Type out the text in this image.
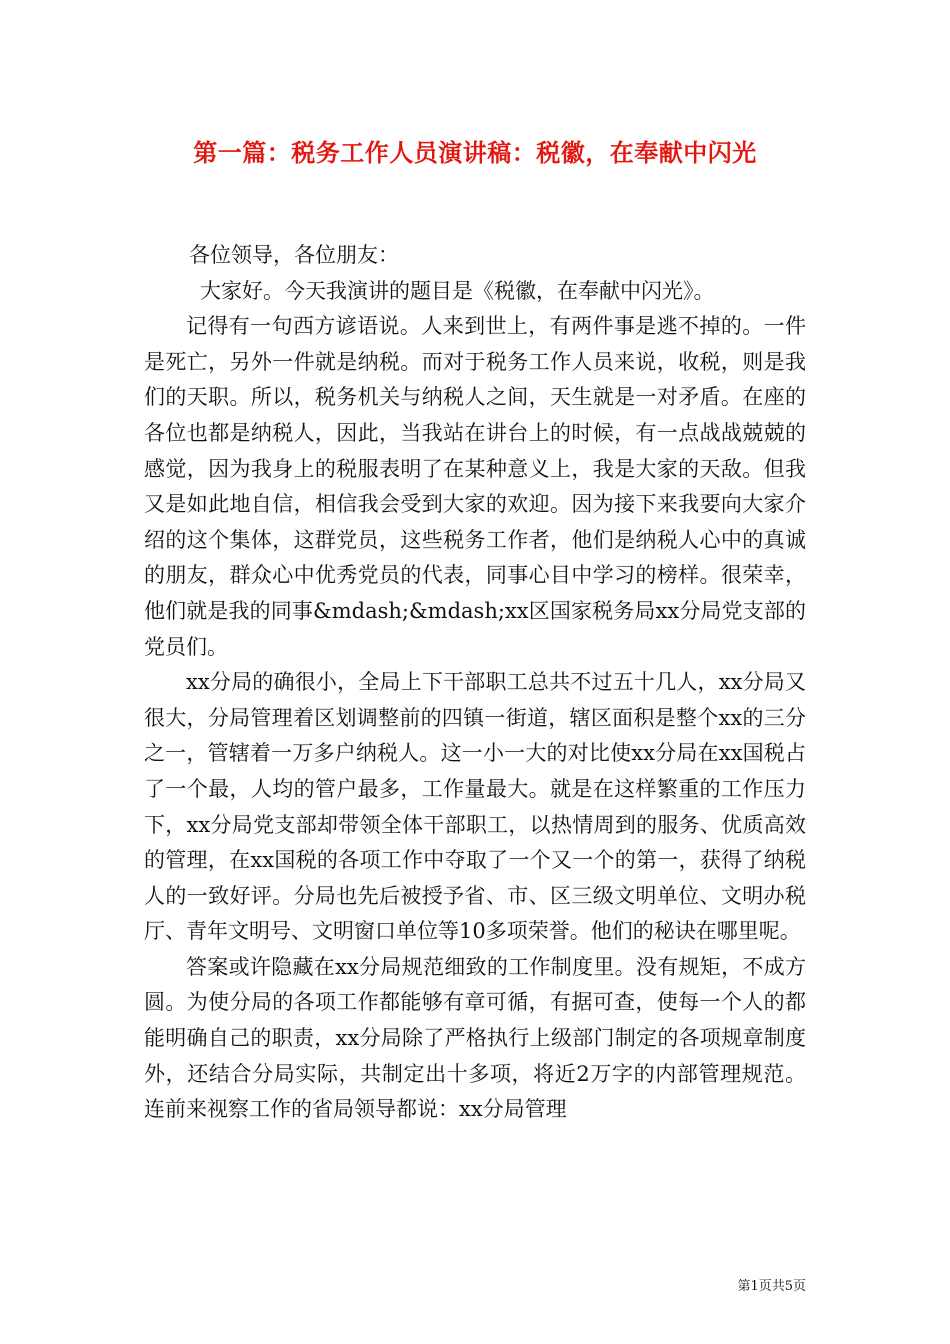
第一篇：税务工作人员演讲稿：税徽，在奉献中闪光

各位领导，各位朋友：

大家好。今天我演讲的题目是《税徽，在奉献中闪光》。

记得有一句西方谚语说。人来到世上，有两件事是逃不掉的。一件是死亡，另外一件就是纳税。而对于税务工作人员来说，收税，则是我们的天职。所以，税务机关与纳税人之间，天生就是一对矛盾。在座的各位也都是纳税人，因此，当我站在讲台上的时候，有一点战战兢兢的感觉，因为我身上的税服表明了在某种意义上，我是大家的天敌。但我又是如此地自信，相信我会受到大家的欢迎。因为接下来我要向大家介绍的这个集体，这群党员，这些税务工作者，他们是纳税人心中的真诚的朋友，群众心中优秀党员的代表，同事心目中学习的榜样。很荣幸，他们就是我的同事&mdash;&mdash;xx区国家税务局xx分局党支部的党员们。

xx分局的确很小，全局上下干部职工总共不过五十几人，xx分局又很大，分局管理着区划调整前的四镇一街道，辖区面积是整个xx的三分之一，管辖着一万多户纳税人。这一小一大的对比使xx分局在xx国税占了一个最，人均的管户最多，工作量最大。就是在这样繁重的工作压力下，xx分局党支部却带领全体干部职工，以热情周到的服务、优质高效的管理，在xx国税的各项工作中夺取了一个又一个的第一，获得了纳税人的一致好评。分局也先后被授予省、市、区三级文明单位、文明办税厅、青年文明号、文明窗口单位等10多项荣誉。他们的秘诀在哪里呢。

答案或许隐藏在xx分局规范细致的工作制度里。没有规矩，不成方圆。为使分局的各项工作都能够有章可循，有据可查，使每一个人的都能明确自己的职责，xx分局除了严格执行上级部门制定的各项规章制度外，还结合分局实际，共制定出十多项，将近2万字的内部管理规范。连前来视察工作的省局领导都说：xx分局管理

第1页共5页
